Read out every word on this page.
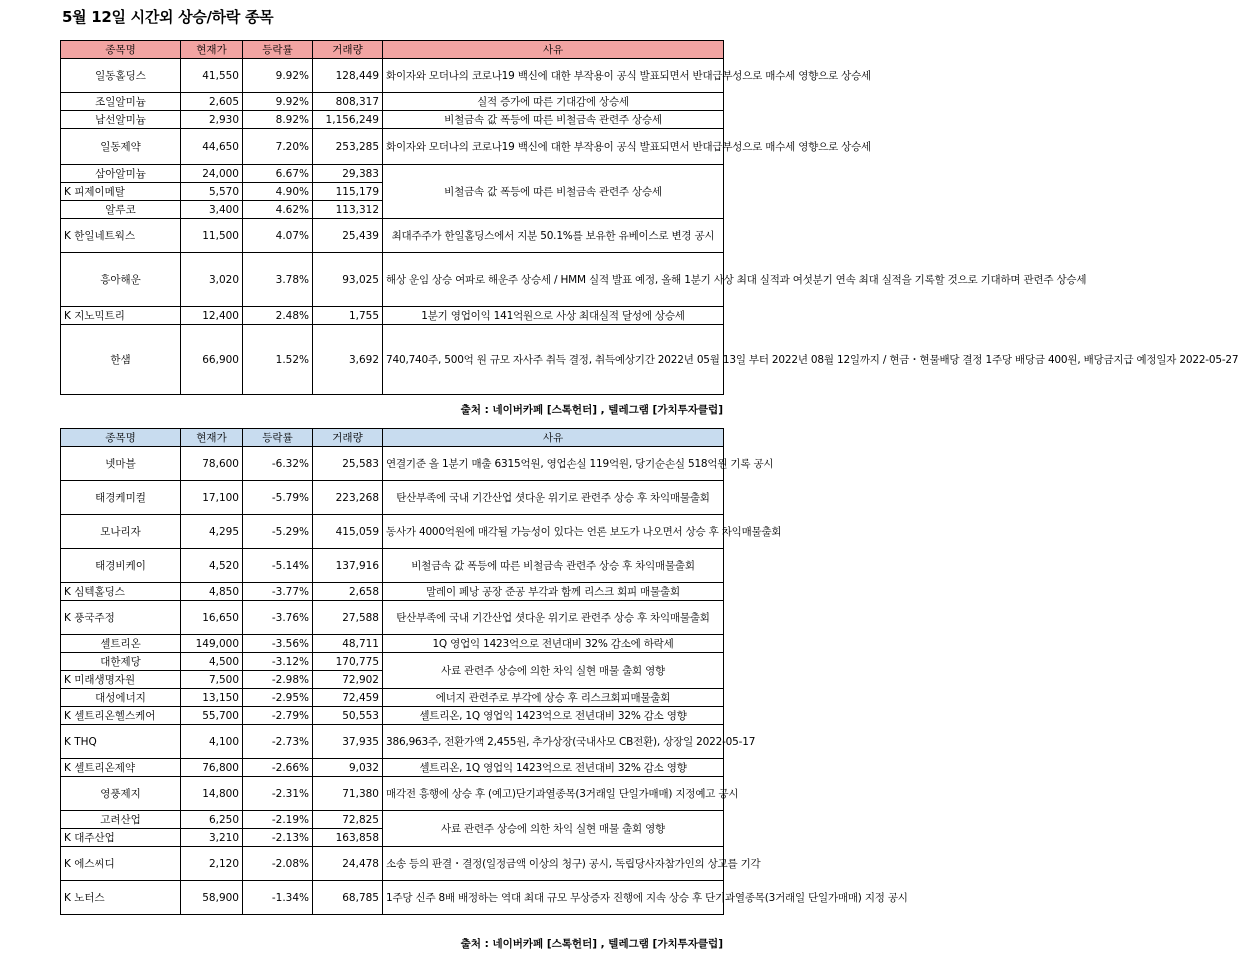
5월 12일 시간외 상승/하락 종목
종목명	현재가	등락률	거래량	사유
일동홀딩스	41,550	9.92%	128,449	화이자와 모더나의 코로나19 백신에 대한 부작용이 공식 발표되면서 반대급부성으로 매수세 영향으로 상승세
조일알미늄	2,605	9.92%	808,317	실적 증가에 따른 기대감에 상승세
남선알미늄	2,930	8.92%	1,156,249	비철금속 값 폭등에 따른 비철금속 관련주 상승세
일동제약	44,650	7.20%	253,285	화이자와 모더나의 코로나19 백신에 대한 부작용이 공식 발표되면서 반대급부성으로 매수세 영향으로 상승세
삼아알미늄	24,000	6.67%	29,383	비철금속 값 폭등에 따른 비철금속 관련주 상승세
K 피제이메탈	5,570	4.90%	115,179	
알루코	3,400	4.62%	113,312	
K 한일네트웍스	11,500	4.07%	25,439	최대주주가 한일홀딩스에서 지분 50.1%를 보유한 유베이스로 변경 공시
흥아해운	3,020	3.78%	93,025	해상 운임 상승 여파로 해운주 상승세 / HMM 실적 발표 예정, 올해 1분기 사상 최대 실적과 여섯분기 연속 최대 실적을 기록할 것으로 기대하며 관련주 상승세
K 지노믹트리	12,400	2.48%	1,755	1분기 영업이익 141억원으로 사상 최대실적 달성에 상승세
한샘	66,900	1.52%	3,692	740,740주, 500억 원 규모 자사주 취득 결정, 취득예상기간 2022년 05월 13일 부터 2022년 08월 12일까지 / 현금・현물배당 결정 1주당 배당금 400원, 배당금지급 예정일자 2022-05-27
출처 : 네이버카페 [스톡헌터] , 텔레그램 [가치투자클럽]
종목명	현재가	등락률	거래량	사유
넷마블	78,600	-6.32%	25,583	연결기준 올 1분기 매출 6315억원, 영업손실 119억원, 당기순손실 518억원 기록 공시
태경케미컬	17,100	-5.79%	223,268	탄산부족에 국내 기간산업 셧다운 위기로 관련주 상승 후 차익매물출회
모나리자	4,295	-5.29%	415,059	동사가 4000억원에 매각될 가능성이 있다는 언론 보도가 나오면서 상승 후 차익매물출회
태경비케이	4,520	-5.14%	137,916	비철금속 값 폭등에 따른 비철금속 관련주 상승 후 차익매물출회
K 심텍홀딩스	4,850	-3.77%	2,658	말레이 페낭 공장 준공 부각과 함께 리스크 회피 매물출회
K 풍국주정	16,650	-3.76%	27,588	탄산부족에 국내 기간산업 셧다운 위기로 관련주 상승 후 차익매물출회
셀트리온	149,000	-3.56%	48,711	1Q 영업익 1423억으로 전년대비 32% 감소에 하락세
대한제당	4,500	-3.12%	170,775	사료 관련주 상승에 의한 차익 실현 매물 출회 영향
K 미래생명자원	7,500	-2.98%	72,902	
대성에너지	13,150	-2.95%	72,459	에너지 관련주로 부각에 상승 후 리스크회피매물출회
K 셀트리온헬스케어	55,700	-2.79%	50,553	셀트리온, 1Q 영업익 1423억으로 전년대비 32% 감소 영향
K THQ	4,100	-2.73%	37,935	386,963주, 전환가액 2,455원, 추가상장(국내사모 CB전환), 상장일 2022-05-17
K 셀트리온제약	76,800	-2.66%	9,032	셀트리온, 1Q 영업익 1423억으로 전년대비 32% 감소 영향
영풍제지	14,800	-2.31%	71,380	매각전 흥행에 상승 후 (예고)단기과열종목(3거래일 단일가매매) 지정예고 공시
고려산업	6,250	-2.19%	72,825	사료 관련주 상승에 의한 차익 실현 매물 출회 영향
K 대주산업	3,210	-2.13%	163,858	
K 에스씨디	2,120	-2.08%	24,478	소송 등의 판결・결정(일정금액 이상의 청구) 공시, 독립당사자참가인의 상고를 기각
K 노터스	58,900	-1.34%	68,785	1주당 신주 8배 배정하는 역대 최대 규모 무상증자 진행에 지속 상승 후 단기과열종목(3거래일 단일가매매) 지정 공시
출처 : 네이버카페 [스톡헌터] , 텔레그램 [가치투자클럽]
